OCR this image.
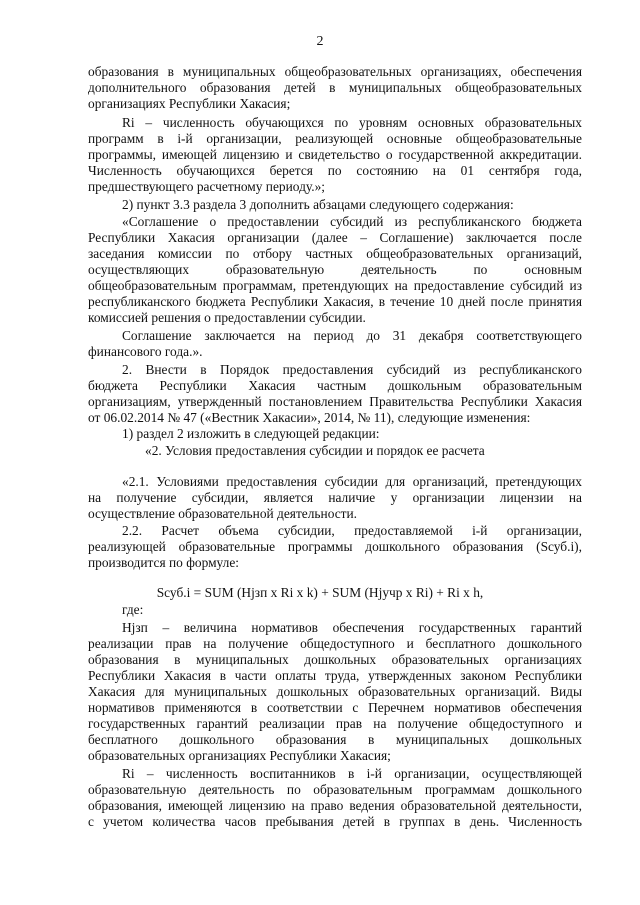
2
образования в муниципальных общеобразовательных организациях, обеспечения
дополнительного образования детей в муниципальных общеобразовательных
организациях Республики Хакасия;
Ri – численность обучающихся по уровням основных образовательных
программ в i-й организации, реализующей основные общеобразовательные
программы, имеющей лицензию и свидетельство о государственной аккредитации.
Численность обучающихся берется по состоянию на 01 сентября года,
предшествующего расчетному периоду.»;
2) пункт 3.3 раздела 3 дополнить абзацами следующего содержания:
«Соглашение о предоставлении субсидий из республиканского бюджета
Республики Хакасия организации (далее – Соглашение) заключается после
заседания комиссии по отбору частных общеобразовательных организаций,
осуществляющих образовательную деятельность по основным
общеобразовательным программам, претендующих на предоставление субсидий из
республиканского бюджета Республики Хакасия, в течение 10 дней после принятия
комиссией решения о предоставлении субсидии.
Соглашение заключается на период до 31 декабря соответствующего
финансового года.».
2. Внести в Порядок предоставления субсидий из республиканского
бюджета Республики Хакасия частным дошкольным образовательным
организациям, утвержденный постановлением Правительства Республики Хакасия
от 06.02.2014 № 47 («Вестник Хакасии», 2014, № 11), следующие изменения:
1) раздел 2 изложить в следующей редакции:
«2. Условия предоставления субсидии и порядок ее расчета
«2.1. Условиями предоставления субсидии для организаций, претендующих
на получение субсидии, является наличие у организации лицензии на
осуществление образовательной деятельности.
2.2. Расчет объема субсидии, предоставляемой i-й организации,
реализующей образовательные программы дошкольного образования (Sсуб.i),
производится по формуле:
Sсуб.i = SUM (Hjзп x Ri x k) + SUM (Hjучр x Ri) + Ri x h,
где:
Hjзп – величина нормативов обеспечения государственных гарантий
реализации прав на получение общедоступного и бесплатного дошкольного
образования в муниципальных дошкольных образовательных организациях
Республики Хакасия в части оплаты труда, утвержденных законом Республики
Хакасия для муниципальных дошкольных образовательных организаций. Виды
нормативов применяются в соответствии с Перечнем нормативов обеспечения
государственных гарантий реализации прав на получение общедоступного и
бесплатного дошкольного образования в муниципальных дошкольных
образовательных организациях Республики Хакасия;
Ri – численность воспитанников в i-й организации, осуществляющей
образовательную деятельность по образовательным программам дошкольного
образования, имеющей лицензию на право ведения образовательной деятельности,
с учетом количества часов пребывания детей в группах в день. Численность
